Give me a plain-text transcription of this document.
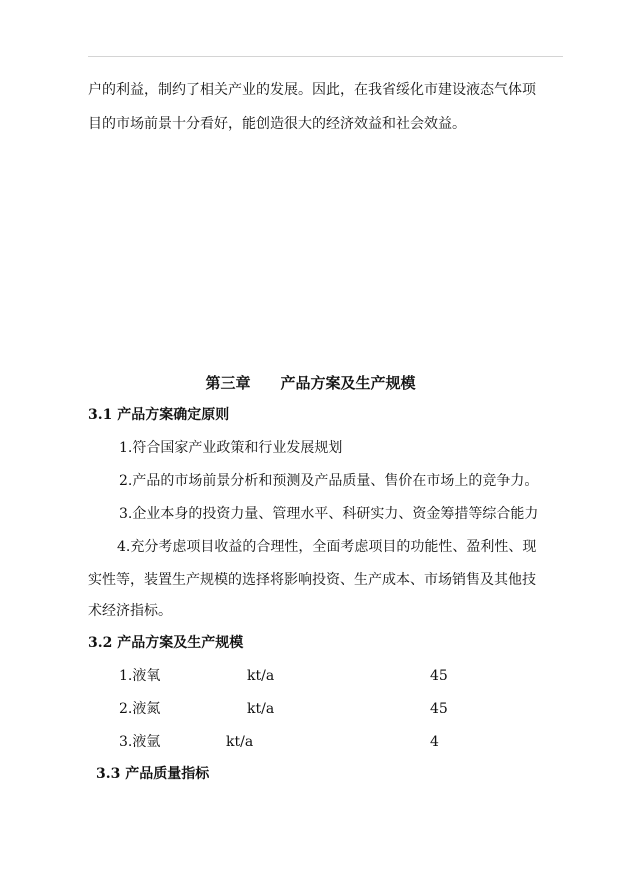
户的利益，制约了相关产业的发展。因此，在我省绥化市建设液态气体项

目的市场前景十分看好，能创造很大的经济效益和社会效益。

第三章 产品方案及生产规模

3.1 产品方案确定原则

1.符合国家产业政策和行业发展规划

2.产品的市场前景分析和预测及产品质量、售价在市场上的竞争力。

3.企业本身的投资力量、管理水平、科研实力、资金筹措等综合能力

4.充分考虑项目收益的合理性，全面考虑项目的功能性、盈利性、现

实性等，装置生产规模的选择将影响投资、生产成本、市场销售及其他技

术经济指标。

3.2 产品方案及生产规模

1.液氧	kt/a	45
2.液氮	kt/a	45
3.液氩	kt/a	4

3.3 产品质量指标
